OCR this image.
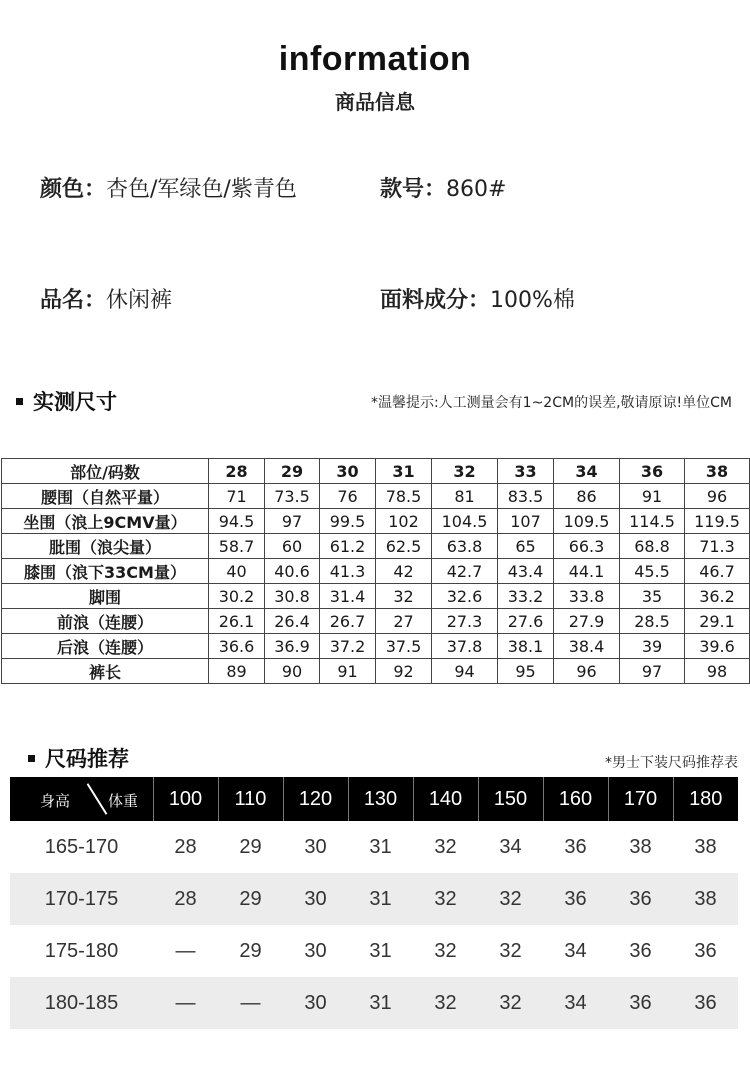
information
商品信息
颜色：杏色/军绿色/紫青色	款号：860#
品名：休闲裤	面料成分：100%棉
实测尺寸	*温馨提示:人工测量会有1~2CM的误差,敬请原谅!单位CM
部位/码数	28	29	30	31	32	33	34	36	38
腰围（自然平量）	71	73.5	76	78.5	81	83.5	86	91	96
坐围（浪上9CMV量）	94.5	97	99.5	102	104.5	107	109.5	114.5	119.5
肶围（浪尖量）	58.7	60	61.2	62.5	63.8	65	66.3	68.8	71.3
膝围（浪下33CM量）	40	40.6	41.3	42	42.7	43.4	44.1	45.5	46.7
脚围	30.2	30.8	31.4	32	32.6	33.2	33.8	35	36.2
前浪（连腰）	26.1	26.4	26.7	27	27.3	27.6	27.9	28.5	29.1
后浪（连腰）	36.6	36.9	37.2	37.5	37.8	38.1	38.4	39	39.6
裤长	89	90	91	92	94	95	96	97	98
尺码推荐	*男士下装尺码推荐表
身高 体重	100	110	120	130	140	150	160	170	180
165-170	28	29	30	31	32	34	36	38	38
170-175	28	29	30	31	32	32	36	36	38
175-180	—	29	30	31	32	32	34	36	36
180-185	—	—	30	31	32	32	34	36	36
